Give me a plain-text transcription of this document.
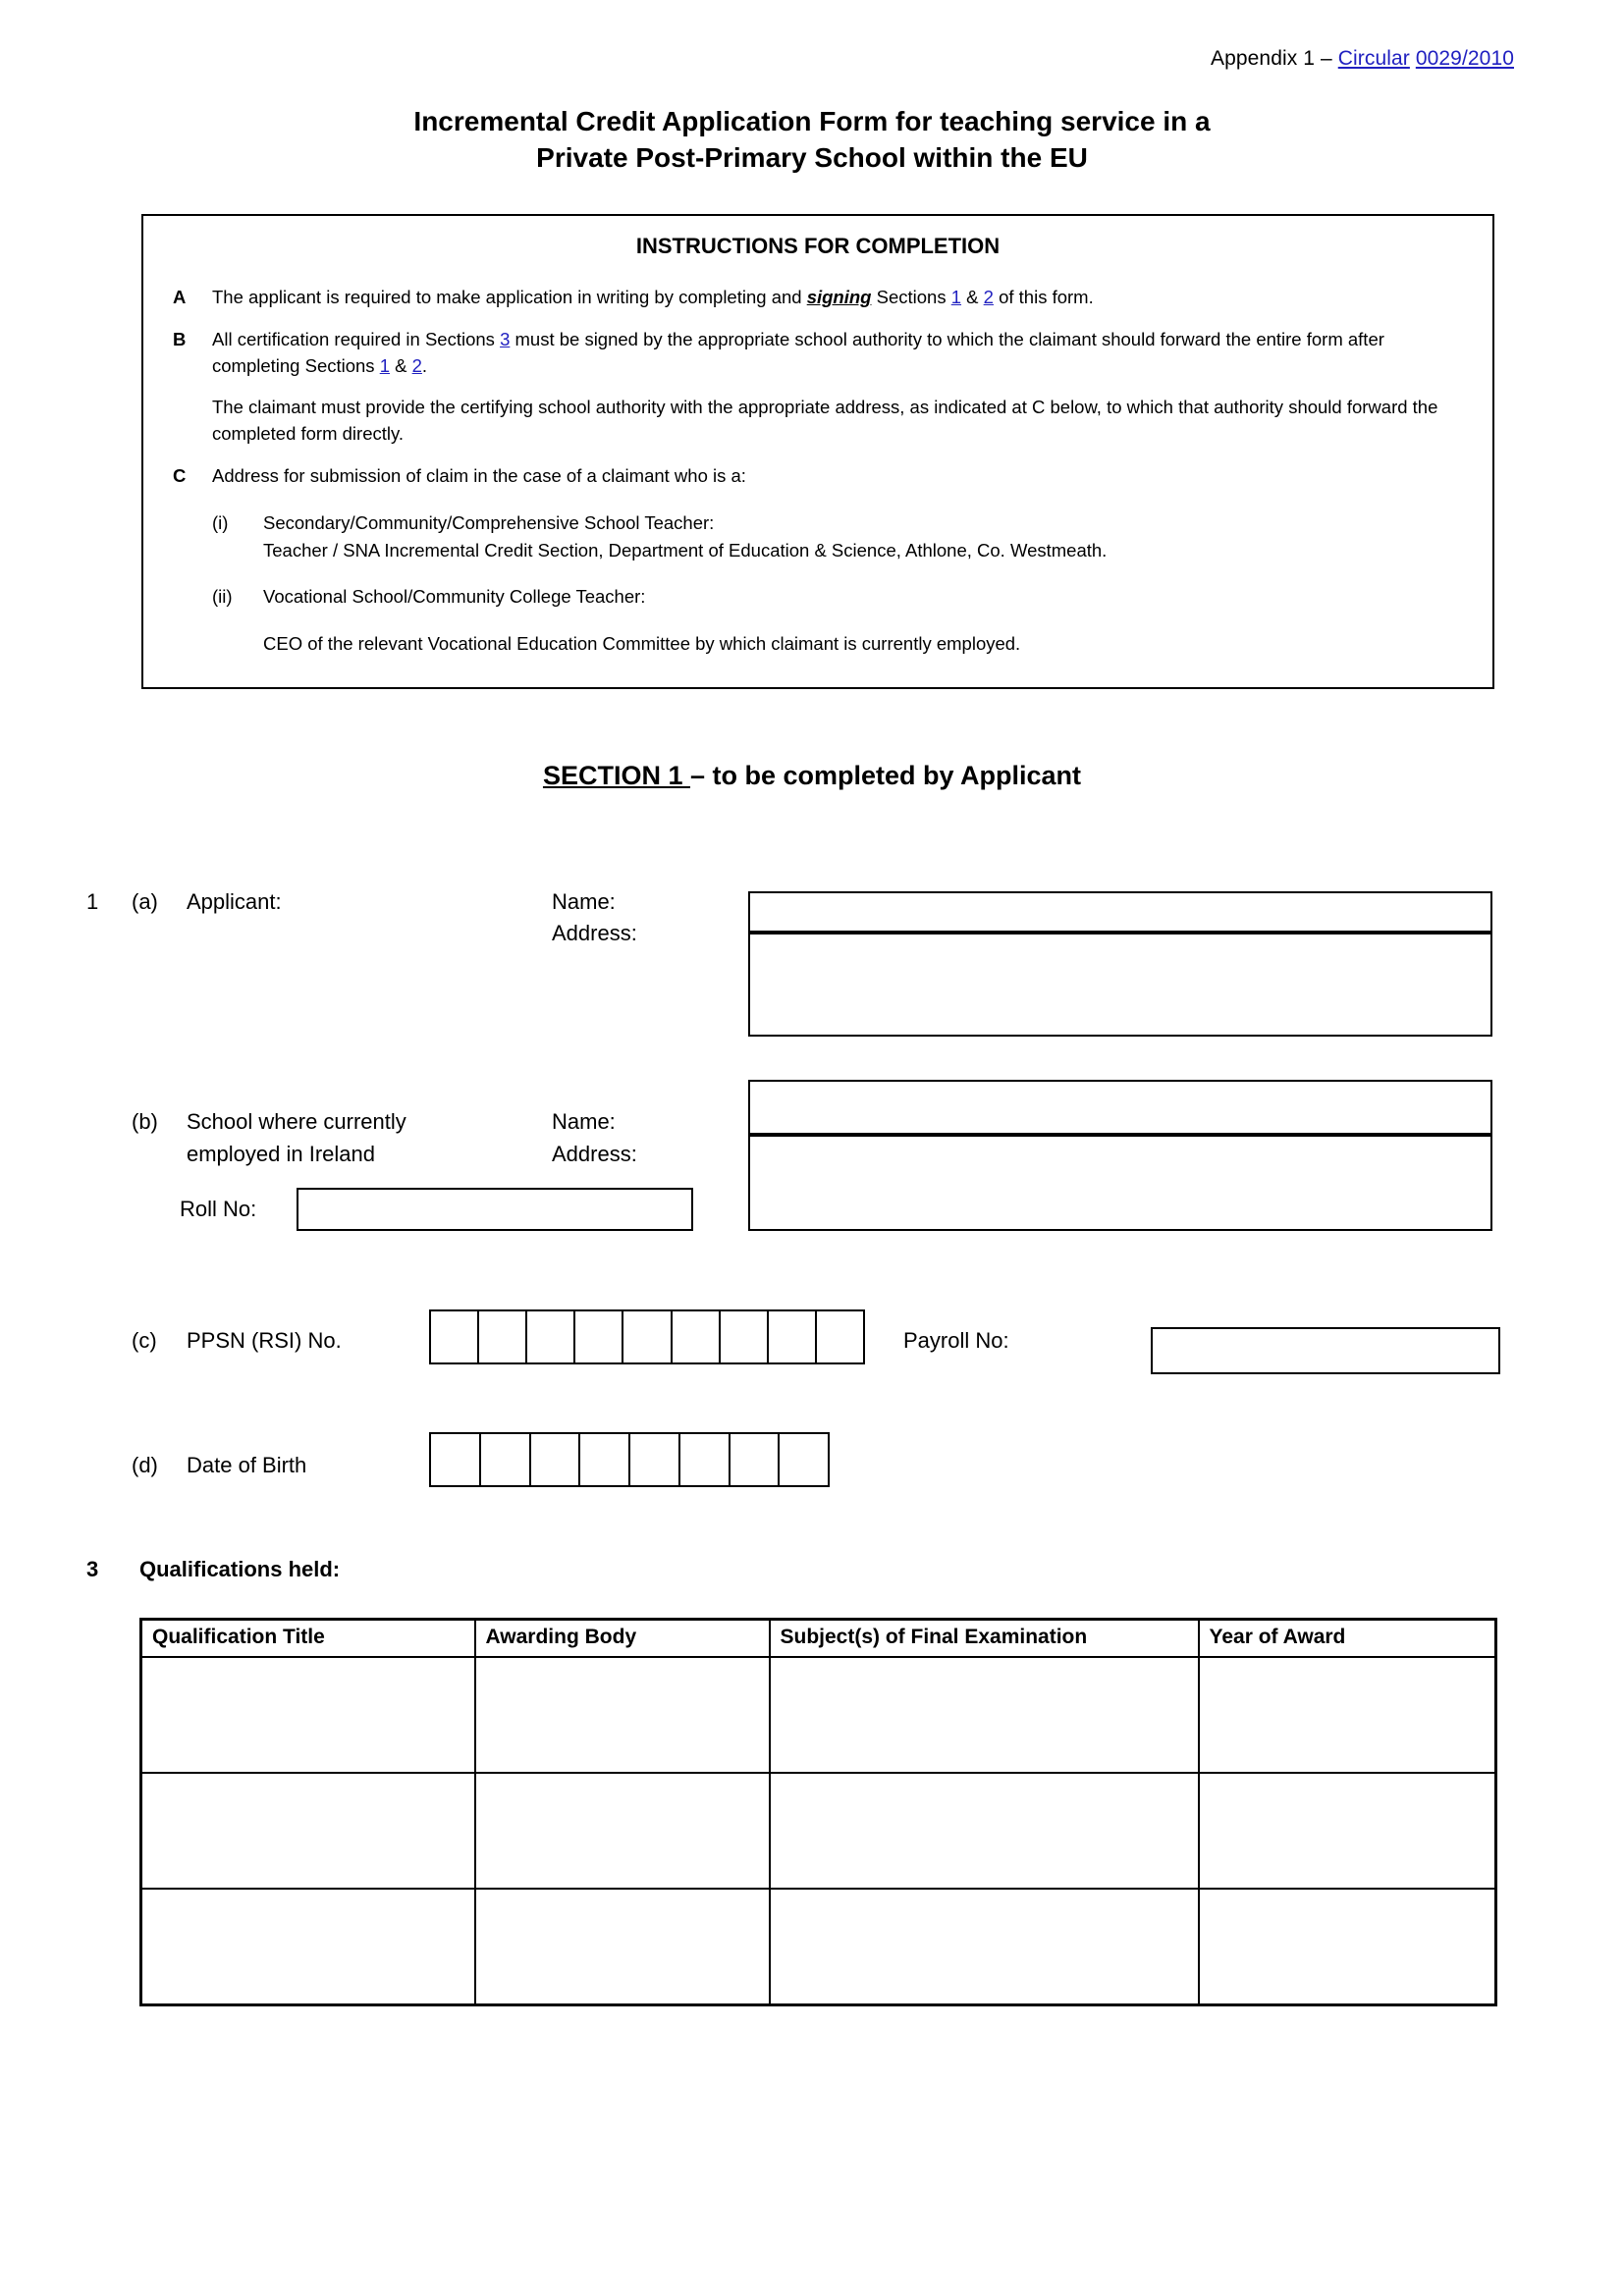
Appendix 1 – Circular 0029/2010
Incremental Credit Application Form for teaching service in a
Private Post-Primary School within the EU
INSTRUCTIONS FOR COMPLETION
A	The applicant is required to make application in writing by completing and signing Sections 1 & 2 of this form.
B	All certification required in Sections 3 must be signed by the appropriate school authority to which the claimant should forward the entire form after completing Sections 1 & 2.
The claimant must provide the certifying school authority with the appropriate address, as indicated at C below, to which that authority should forward the completed form directly.
C	Address for submission of claim in the case of a claimant who is a:
(i)	Secondary/Community/Comprehensive School Teacher:
Teacher / SNA Incremental Credit Section, Department of Education & Science, Athlone, Co. Westmeath.
(ii)	Vocational School/Community College Teacher:
CEO of the relevant Vocational Education Committee by which claimant is currently employed.
SECTION 1 – to be completed by Applicant
1 (a) Applicant:	Name:
Address:
(b) School where currently
employed in Ireland
Name:
Address:
Roll No:
(c) PPSN (RSI) No.	Payroll No:
(d) Date of Birth
3 Qualifications held:
Qualification Title	Awarding Body	Subject(s) of Final Examination	Year of Award
